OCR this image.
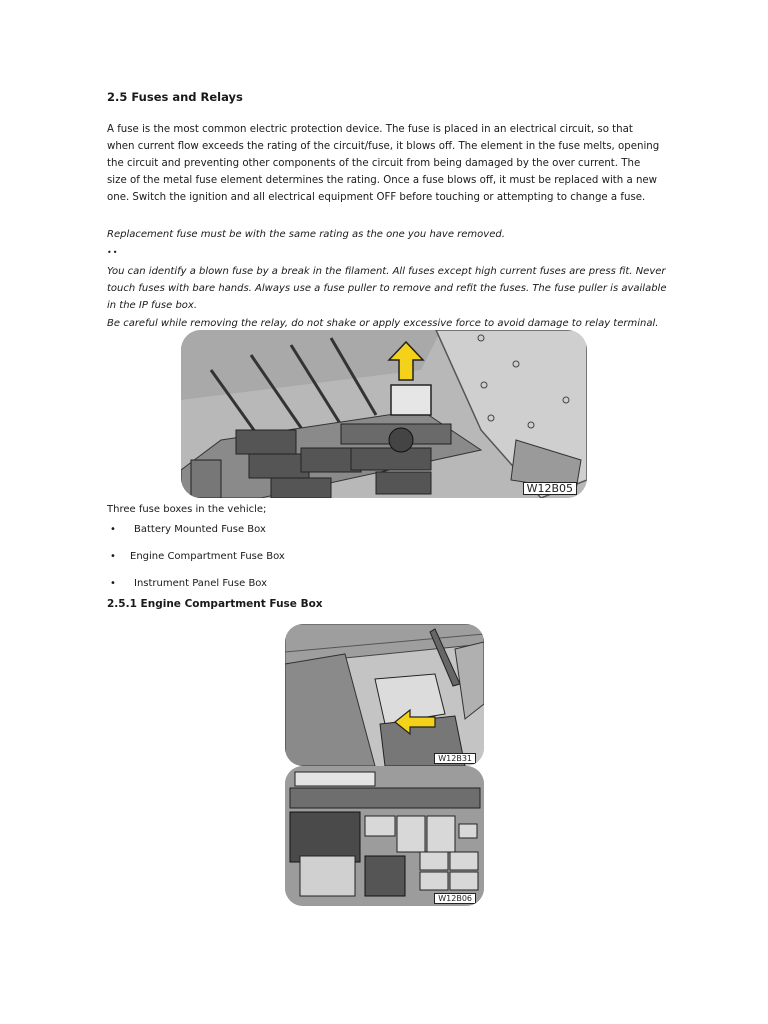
2.5 Fuses and Relays

A fuse is the most common electric protection device. The fuse is placed in an electrical circuit, so that when current flow exceeds the rating of the circuit/fuse, it blows off. The element in the fuse melts, opening the circuit and preventing other components of the circuit from being damaged by the over current. The size of the metal fuse element determines the rating. Once a fuse blows off, it must be replaced with a new one. Switch the ignition and all electrical equipment OFF before touching or attempting to change a fuse.

Replacement fuse must be with the same rating as the one you have removed.

••

You can identify a blown fuse by a break in the filament. All fuses except high current fuses are press fit. Never touch fuses with bare hands. Always use a fuse puller to remove and refit the fuses. The fuse puller is available in the IP fuse box.

Be careful while removing the relay, do not shake or apply excessive force to avoid damage to relay terminal.

W12B05

Three fuse boxes in the vehicle;

• Battery Mounted Fuse Box

• Engine Compartment Fuse Box

• Instrument Panel Fuse Box

2.5.1 Engine Compartment Fuse Box
W12B31
W12B06
